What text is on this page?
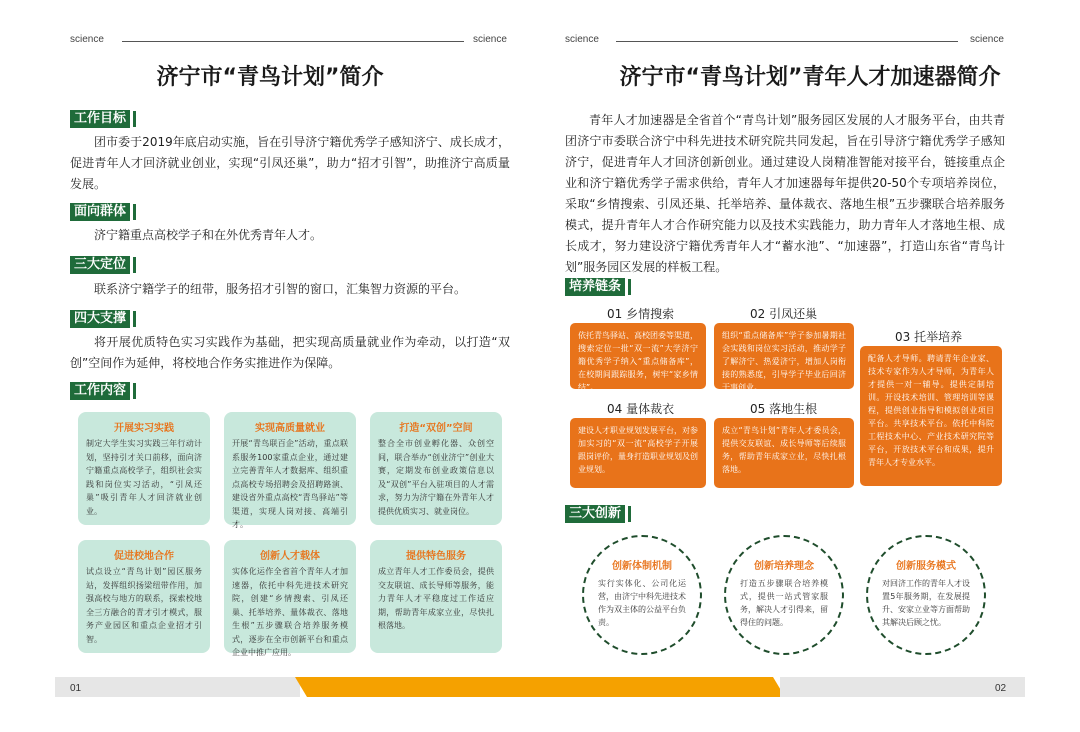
science	science
济宁市“青鸟计划”简介
工作目标
团市委于2019年底启动实施，旨在引导济宁籍优秀学子感知济宁、成长成才，促进青年人才回济就业创业，实现“引凤还巢”，助力“招才引智”，助推济宁高质量发展。
面向群体
济宁籍重点高校学子和在外优秀青年人才。
三大定位
联系济宁籍学子的纽带，服务招才引智的窗口，汇集智力资源的平台。
四大支撑
将开展优质特色实习实践作为基础，把实现高质量就业作为牵动，以打造“双创”空间作为延伸，将校地合作务实推进作为保障。
工作内容
开展实习实践
制定大学生实习实践三年行动计划，坚持引才关口前移，面向济宁籍重点高校学子，组织社会实践和岗位实习活动，“引凤还巢”吸引青年人才回济就业创业。
实现高质量就业
开展“青鸟联百企”活动，重点联系服务100家重点企业，通过建立完善青年人才数据库、组织重点高校专场招聘会及招聘路演、建设省外重点高校“青鸟驿站”等渠道，实现人岗对接、高端引才。
打造“双创”空间
整合全市创业孵化器、众创空间，联合举办“创业济宁”创业大赛，定期发布创业政策信息以及“双创”平台入驻项目的人才需求，努力为济宁籍在外青年人才提供优质实习、就业岗位。
促进校地合作
试点设立“青鸟计划”园区服务站，发挥组织扬梁纽带作用，加强高校与地方的联系，探索校地全三方融合的青才引才模式，服务产业园区和重点企业招才引智。
创新人才载体
实体化运作全省首个青年人才加速器，依托中科先进技术研究院，创建“乡情搜索、引凤还巢、托举培养、量体裁衣、落地生根”五步骤联合培养服务模式，逐步在全市创新平台和重点企业中推广应用。
提供特色服务
成立青年人才工作委员会，提供交友联谊、成长导师等服务，能力青年人才平稳度过工作适应期，帮助青年成家立业，尽快扎根落地。
01
science	science
济宁市“青鸟计划”青年人才加速器简介
青年人才加速器是全省首个“青鸟计划”服务园区发展的人才服务平台，由共青团济宁市委联合济宁中科先进技术研究院共同发起，旨在引导济宁籍优秀学子感知济宁，促进青年人才回济创新创业。通过建设人岗精准智能对接平台，链接重点企业和济宁籍优秀学子需求供给，青年人才加速器每年提供20-50个专项培养岗位，采取“乡情搜索、引凤还巢、托举培养、量体裁衣、落地生根”五步骤联合培养服务模式，提升青年人才合作研究能力以及技术实践能力，助力青年人才落地生根、成长成才，努力建设济宁籍优秀青年人才“蓄水池”、“加速器”，打造山东省“青鸟计划”服务园区发展的样板工程。
培养链条
01 乡情搜索
依托青鸟驿站、高校团委等渠道，搜索定位一批“双一流”大学济宁籍优秀学子纳入“重点储备库”，在校期间跟踪服务，树牢“家乡情结”。
02 引凤还巢
组织“重点储备库”学子参加暑期社会实践和岗位实习活动，推动学子了解济宁、热爱济宁，增加人岗衔接的熟悉度，引导学子毕业后回济干事创业。
03 托举培养
配备人才导师。聘请青年企业家、技术专家作为人才导师，为青年人才提供一对一辅导。提供定制培训。开设技术培训、管理培训等课程，提供创业指导和模拟创业项目平台。共享技术平台。依托中科院工程技术中心、产业技术研究院等平台，开放技术平台和成果，提升青年人才专业水平。
04 量体裁衣
建设人才职业规划发展平台，对参加实习的“双一流”高校学子开展跟岗评价，量身打造职业规划及创业规划。
05 落地生根
成立“青鸟计划”青年人才委员会，提供交友联谊、成长导师等后续服务，帮助青年成家立业，尽快扎根落地。
三大创新
创新体制机制
实行实体化、公司化运营，由济宁中科先进技术作为双主体的公益平台负责。
创新培养理念
打造五步骤联合培养模式，提供一站式管家服务，解决人才引得来，留得住的问题。
创新服务模式
对回济工作的青年人才设置5年服务期，在发展提升、安家立业等方面帮助其解决后顾之忧。
02
